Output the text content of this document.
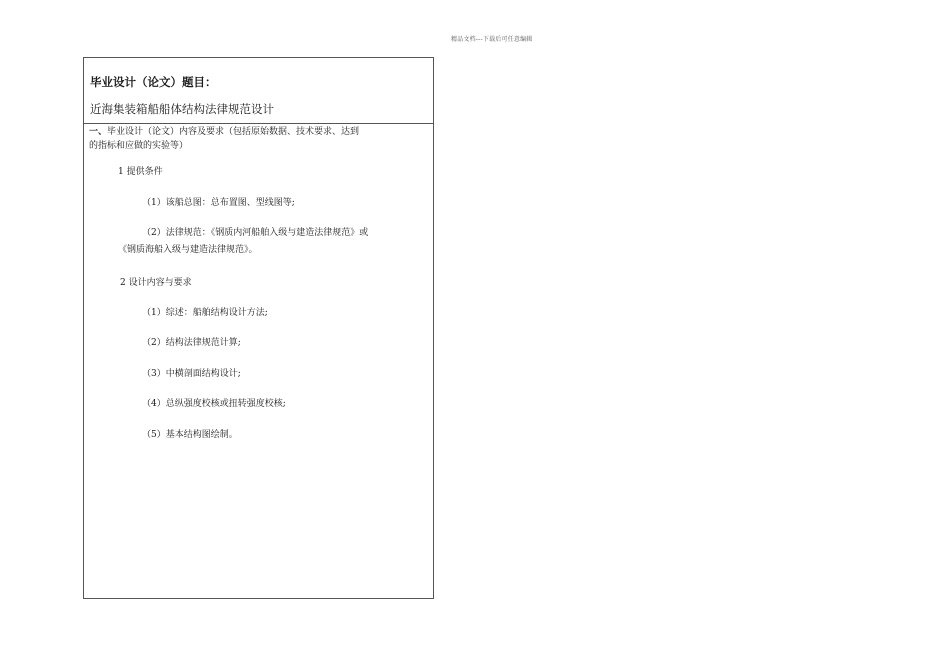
精品文档---下载后可任意编辑
毕业设计（论文）题目：
近海集装箱船船体结构法律规范设计
一、毕业设计（论文）内容及要求（包括原始数据、技术要求、达到
的指标和应做的实验等）
1 提供条件
（1）该船总图：总布置图、型线图等;
（2）法律规范：《钢质内河船舶入级与建造法律规范》或
《钢质海船入级与建造法律规范》。
2 设计内容与要求
（1）综述：船舶结构设计方法;
（2）结构法律规范计算;
（3）中横剖面结构设计;
（4）总纵强度校核或扭转强度校核;
（5）基本结构图绘制。
